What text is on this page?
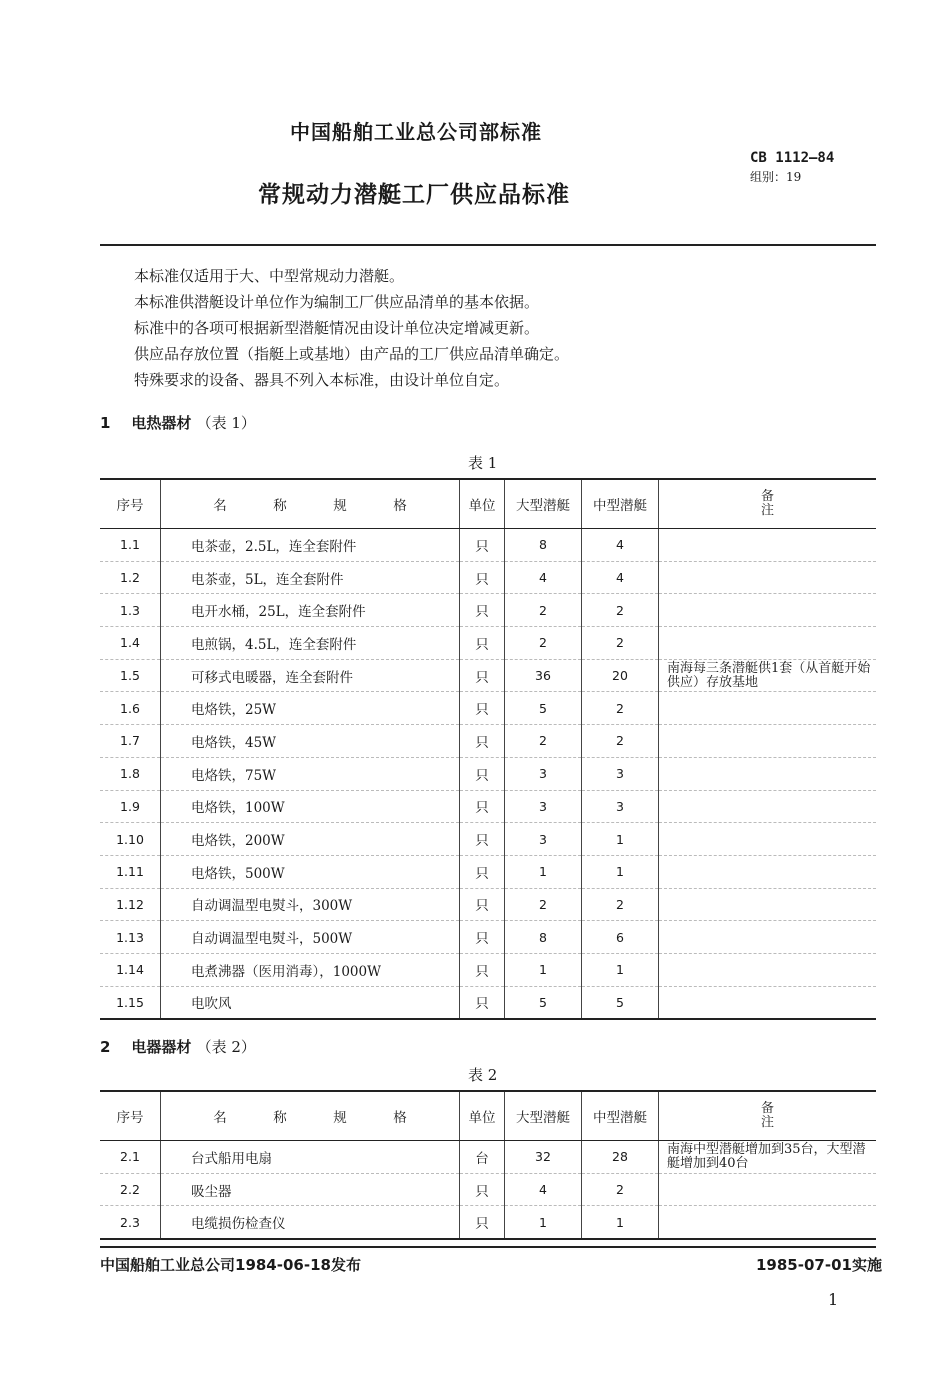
中国船舶工业总公司部标准
常规动力潜艇工厂供应品标准
CB 1112—84
组别：19
本标准仅适用于大、中型常规动力潜艇。
本标准供潜艇设计单位作为编制工厂供应品清单的基本依据。
标准中的各项可根据新型潜艇情况由设计单位决定增减更新。
供应品存放位置（指艇上或基地）由产品的工厂供应品清单确定。
特殊要求的设备、器具不列入本标准，由设计单位自定。
1 电热器材 （表 1）
表 1
序号	名 称 规 格	单位	大型潜艇	中型潜艇	备注
1.1	电茶壶，2.5L，连全套附件	只	8	4	
1.2	电茶壶，5L，连全套附件	只	4	4	
1.3	电开水桶，25L，连全套附件	只	2	2	
1.4	电煎锅，4.5L，连全套附件	只	2	2	
1.5	可移式电暖器，连全套附件	只	36	20	南海每三条潜艇供1套（从首艇开始供应）存放基地
1.6	电烙铁，25W	只	5	2	
1.7	电烙铁，45W	只	2	2	
1.8	电烙铁，75W	只	3	3	
1.9	电烙铁，100W	只	3	3	
1.10	电烙铁，200W	只	3	1	
1.11	电烙铁，500W	只	1	1	
1.12	自动调温型电熨斗，300W	只	2	2	
1.13	自动调温型电熨斗，500W	只	8	6	
1.14	电煮沸器（医用消毒），1000W	只	1	1	
1.15	电吹风	只	5	5	
2 电器器材 （表 2）
表 2
序号	名 称 规 格	单位	大型潜艇	中型潜艇	备注
2.1	台式船用电扇	台	32	28	南海中型潜艇增加到35台，大型潜艇增加到40台
2.2	吸尘器	只	4	2	
2.3	电缆损伤检查仪	只	1	1	
中国船舶工业总公司1984-06-18发布	1985-07-01实施
1
